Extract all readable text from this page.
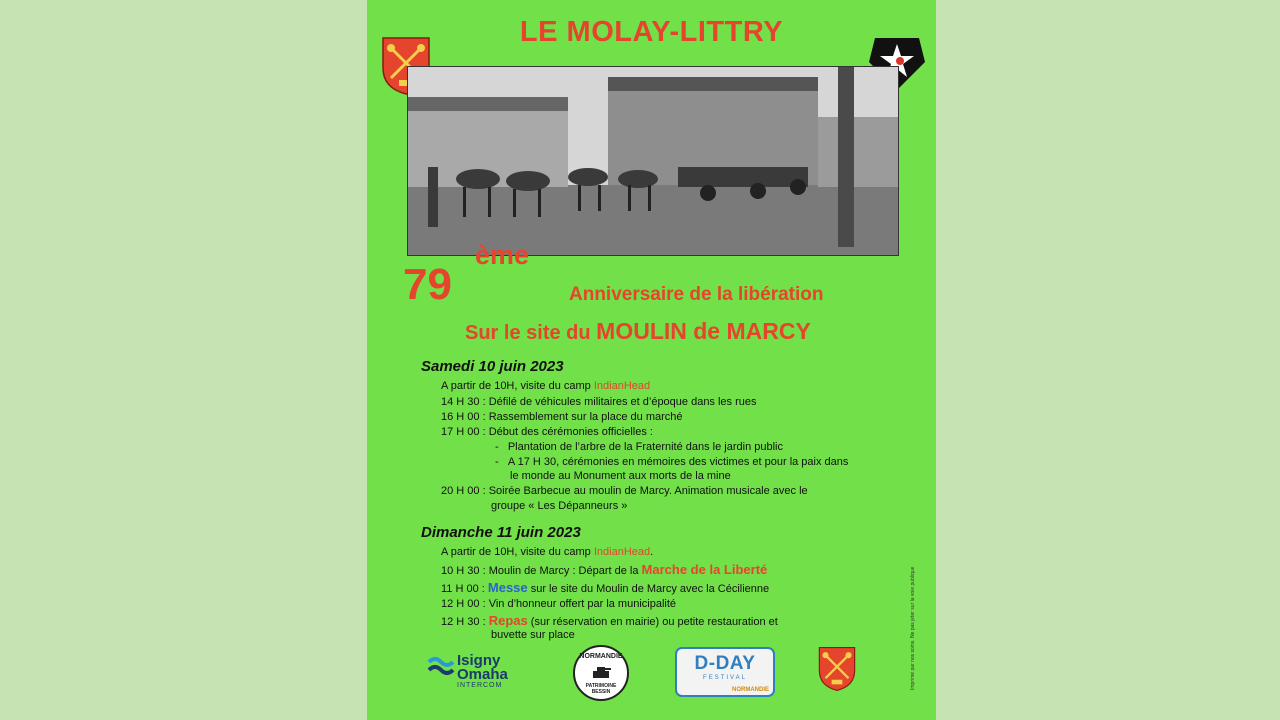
LE MOLAY-LITTRY
79
ème
Anniversaire de la libération
Sur le site du MOULIN de MARCY
Samedi 10 juin 2023
A partir de 10H, visite du camp IndianHead
14 H 30 : Défilé de véhicules militaires et d’époque dans les rues
16 H 00 : Rassemblement sur la place du marché
17 H 00 : Début des cérémonies officielles :
-   Plantation de l’arbre de la Fraternité dans le jardin public
-   A 17 H 30, cérémonies en mémoires des victimes et pour la paix dans
le monde au Monument aux morts de la mine
20 H 00 : Soirée Barbecue au moulin de Marcy. Animation musicale avec le
groupe « Les Dépanneurs »
Dimanche 11 juin 2023
A partir de 10H, visite du camp IndianHead.
10 H 30 : Moulin de Marcy : Départ de la Marche de la Liberté
11 H 00 : Messe sur le site du Moulin de Marcy avec la Cécilienne
12 H 00 : Vin d’honneur offert par la municipalité
12 H 30 : Repas (sur réservation en mairie) ou petite restauration et
buvette sur place	Imprimé par nos soins. Ne pas jeter sur la voie publique
Isigny
Omaha
INTERCOM
NORMANDIE
PATRIMOINE
BESSIN
D-DAY
FESTIVAL
NORMANDIE
